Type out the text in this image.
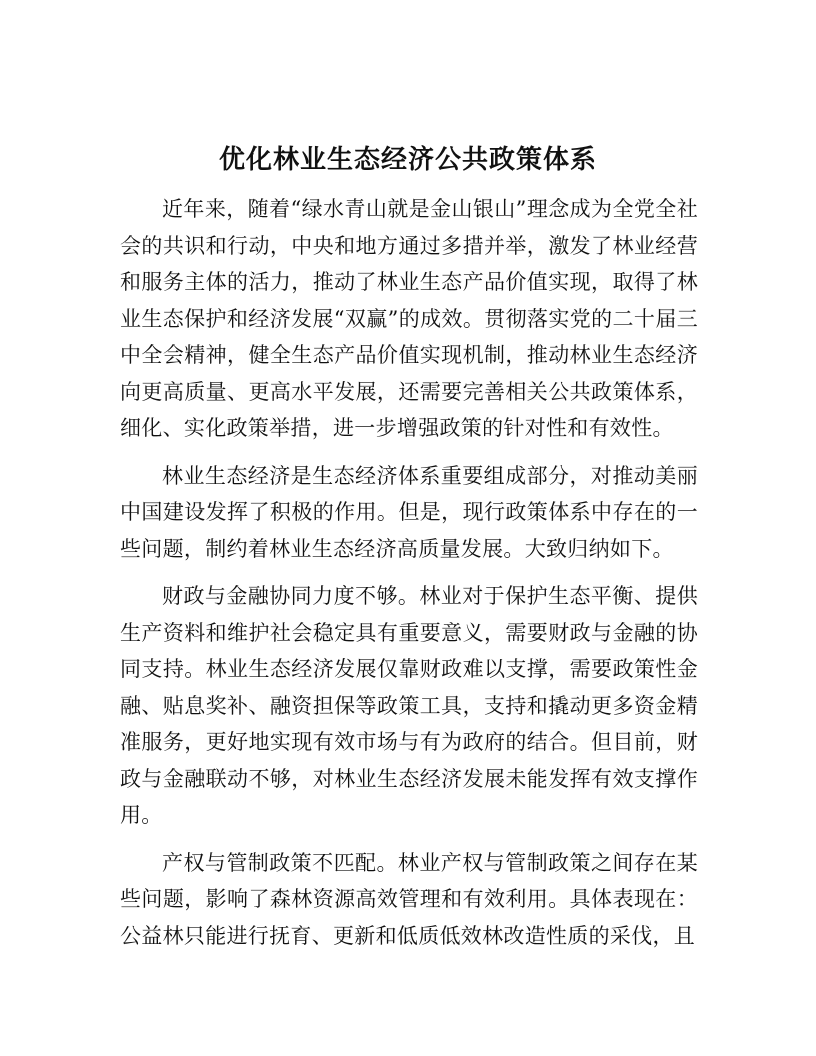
优化林业生态经济公共政策体系

近年来，随着“绿水青山就是金山银山”理念成为全党全社会的共识和行动，中央和地方通过多措并举，激发了林业经营和服务主体的活力，推动了林业生态产品价值实现，取得了林业生态保护和经济发展“双赢”的成效。贯彻落实党的二十届三中全会精神，健全生态产品价值实现机制，推动林业生态经济向更高质量、更高水平发展，还需要完善相关公共政策体系，细化、实化政策举措，进一步增强政策的针对性和有效性。

林业生态经济是生态经济体系重要组成部分，对推动美丽中国建设发挥了积极的作用。但是，现行政策体系中存在的一些问题，制约着林业生态经济高质量发展。大致归纳如下。

财政与金融协同力度不够。林业对于保护生态平衡、提供生产资料和维护社会稳定具有重要意义，需要财政与金融的协同支持。林业生态经济发展仅靠财政难以支撑，需要政策性金融、贴息奖补、融资担保等政策工具，支持和撬动更多资金精准服务，更好地实现有效市场与有为政府的结合。但目前，财政与金融联动不够，对林业生态经济发展未能发挥有效支撑作用。

产权与管制政策不匹配。林业产权与管制政策之间存在某些问题，影响了森林资源高效管理和有效利用。具体表现在：公益林只能进行抚育、更新和低质低效林改造性质的采伐，且
